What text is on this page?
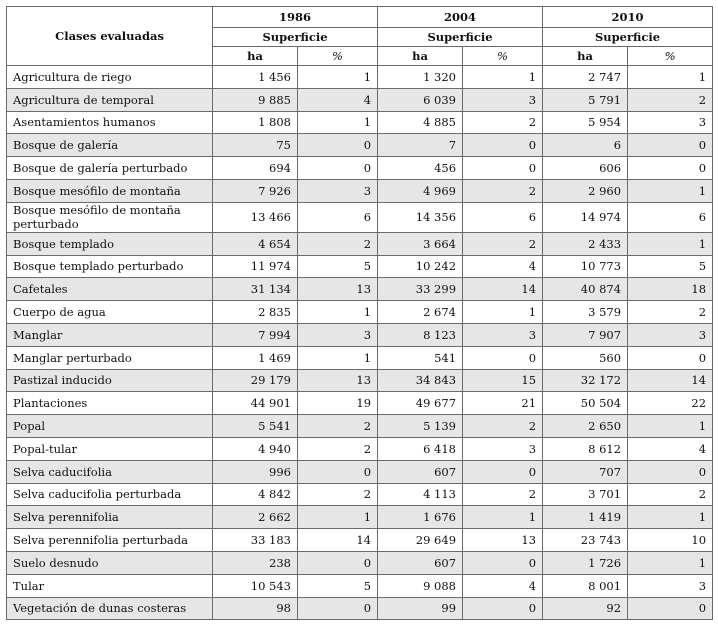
Clases evaluadas	1986		2004		2010	
	Superficie		Superficie		Superficie	
	ha	%	ha	%	ha	%
Agricultura de riego	1 456	1	1 320	1	2 747	1
Agricultura de temporal	9 885	4	6 039	3	5 791	2
Asentamientos humanos	1 808	1	4 885	2	5 954	3
Bosque de galería	75	0	7	0	6	0
Bosque de galería perturbado	694	0	456	0	606	0
Bosque mesófilo de montaña	7 926	3	4 969	2	2 960	1
Bosque mesófilo de montaña perturbado	13 466	6	14 356	6	14 974	6
Bosque templado	4 654	2	3 664	2	2 433	1
Bosque templado perturbado	11 974	5	10 242	4	10 773	5
Cafetales	31 134	13	33 299	14	40 874	18
Cuerpo de agua	2 835	1	2 674	1	3 579	2
Manglar	7 994	3	8 123	3	7 907	3
Manglar perturbado	1 469	1	541	0	560	0
Pastizal inducido	29 179	13	34 843	15	32 172	14
Plantaciones	44 901	19	49 677	21	50 504	22
Popal	5 541	2	5 139	2	2 650	1
Popal-tular	4 940	2	6 418	3	8 612	4
Selva caducifolia	996	0	607	0	707	0
Selva caducifolia perturbada	4 842	2	4 113	2	3 701	2
Selva perennifolia	2 662	1	1 676	1	1 419	1
Selva perennifolia perturbada	33 183	14	29 649	13	23 743	10
Suelo desnudo	238	0	607	0	1 726	1
Tular	10 543	5	9 088	4	8 001	3
Vegetación de dunas costeras	98	0	99	0	92	0
